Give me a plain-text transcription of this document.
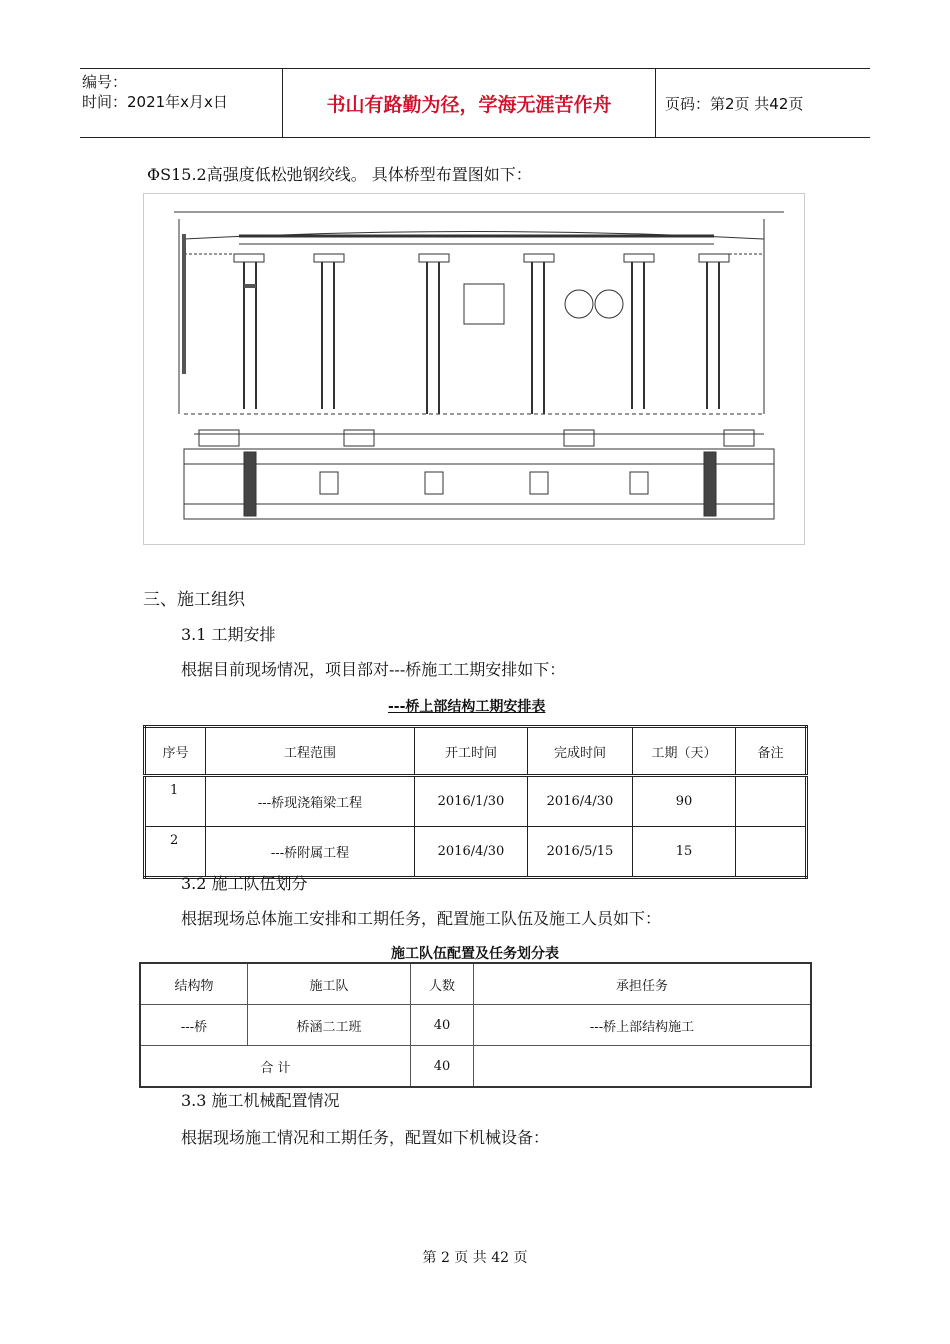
编号：
时间：2021年x月x日	书山有路勤为径，学海无涯苦作舟	页码：第2页 共42页
ΦS15.2高强度低松弛钢绞线。 具体桥型布置图如下：
三、施工组织
3.1 工期安排
根据目前现场情况，项目部对---桥施工工期安排如下：
---桥上部结构工期安排表
序号	工程范围	开工时间	完成时间	工期（天）	备注
1	---桥现浇箱梁工程	2016/1/30	2016/4/30	90	
2	---桥附属工程	2016/4/30	2016/5/15	15	
3.2 施工队伍划分
根据现场总体施工安排和工期任务，配置施工队伍及施工人员如下：
施工队伍配置及任务划分表
结构物	施工队	人数	承担任务
---桥	桥涵二工班	40	---桥上部结构施工
合 计		40	
3.3 施工机械配置情况
根据现场施工情况和工期任务，配置如下机械设备：
第 2 页 共 42 页
